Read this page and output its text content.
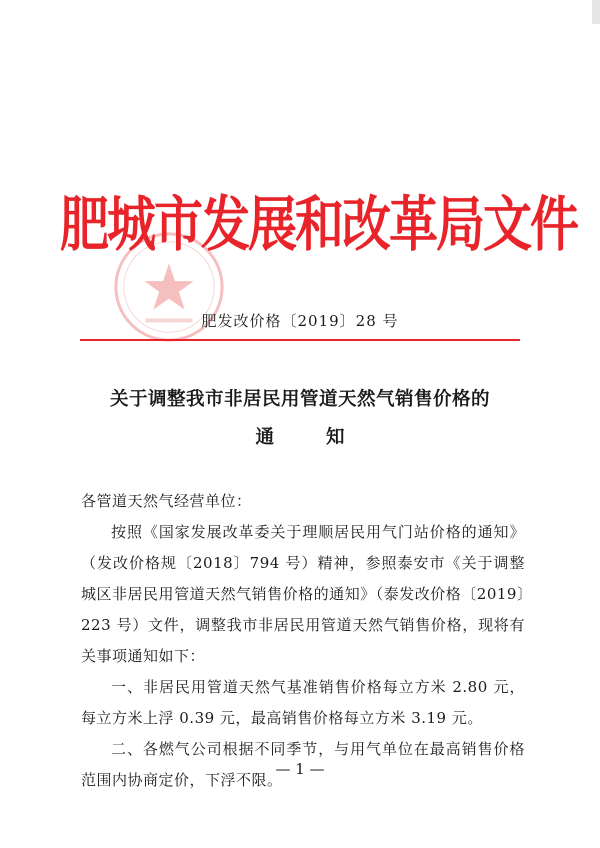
肥城市发展和改革局文件
肥发改价格〔2019〕28 号
关于调整我市非居民用管道天然气销售价格的
通知

各管道天然气经营单位：

按照《国家发展改革委关于理顺居民用气门站价格的通知》（发改价格规〔2018〕794 号）精神，参照泰安市《关于调整城区非居民用管道天然气销售价格的通知》（泰发改价格〔2019〕223 号）文件，调整我市非居民用管道天然气销售价格，现将有关事项通知如下：

一、非居民用管道天然气基准销售价格每立方米 2.80 元，每立方米上浮 0.39 元，最高销售价格每立方米 3.19 元。

二、各燃气公司根据不同季节，与用气单位在最高销售价格范围内协商定价，下浮不限。

— 1 —
